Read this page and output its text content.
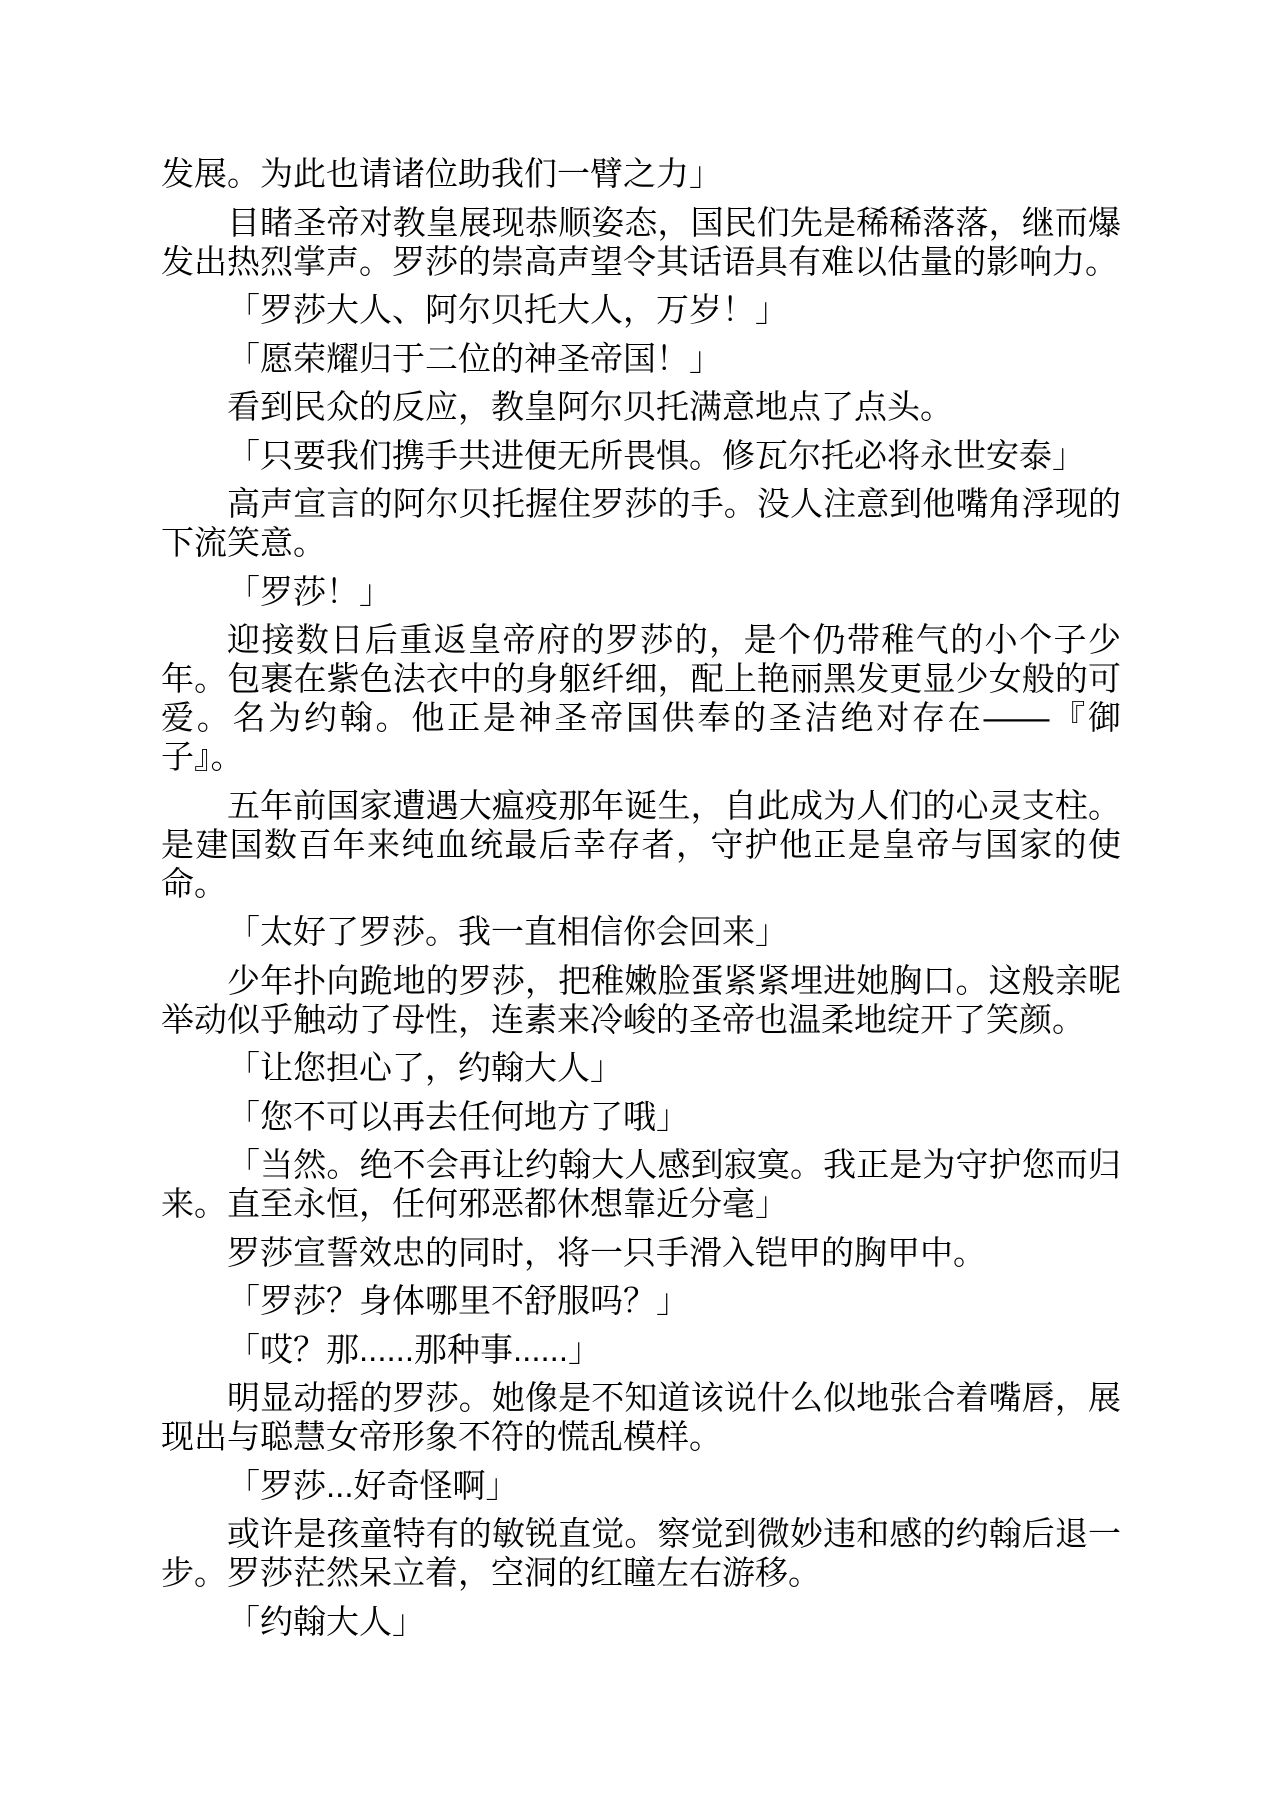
发展。为此也请诸位助我们一臂之力」

目睹圣帝对教皇展现恭顺姿态，国民们先是稀稀落落，继而爆发出热烈掌声。罗莎的崇高声望令其话语具有难以估量的影响力。

「罗莎大人、阿尔贝托大人，万岁！」

「愿荣耀归于二位的神圣帝国！」

看到民众的反应，教皇阿尔贝托满意地点了点头。

「只要我们携手共进便无所畏惧。修瓦尔托必将永世安泰」

高声宣言的阿尔贝托握住罗莎的手。没人注意到他嘴角浮现的下流笑意。

「罗莎！」

迎接数日后重返皇帝府的罗莎的，是个仍带稚气的小个子少年。包裹在紫色法衣中的身躯纤细，配上艳丽黑发更显少女般的可爱。名为约翰。他正是神圣帝国供奉的圣洁绝对存在——『御子』。

五年前国家遭遇大瘟疫那年诞生，自此成为人们的心灵支柱。是建国数百年来纯血统最后幸存者，守护他正是皇帝与国家的使命。

「太好了罗莎。我一直相信你会回来」

少年扑向跪地的罗莎，把稚嫩脸蛋紧紧埋进她胸口。这般亲昵举动似乎触动了母性，连素来冷峻的圣帝也温柔地绽开了笑颜。

「让您担心了，约翰大人」

「您不可以再去任何地方了哦」

「当然。绝不会再让约翰大人感到寂寞。我正是为守护您而归来。直至永恒，任何邪恶都休想靠近分毫」

罗莎宣誓效忠的同时，将一只手滑入铠甲的胸甲中。

「罗莎？身体哪里不舒服吗？」

「哎？那......那种事......」

明显动摇的罗莎。她像是不知道该说什么似地张合着嘴唇，展现出与聪慧女帝形象不符的慌乱模样。

「罗莎...好奇怪啊」

或许是孩童特有的敏锐直觉。察觉到微妙违和感的约翰后退一步。罗莎茫然呆立着，空洞的红瞳左右游移。

「约翰大人」
